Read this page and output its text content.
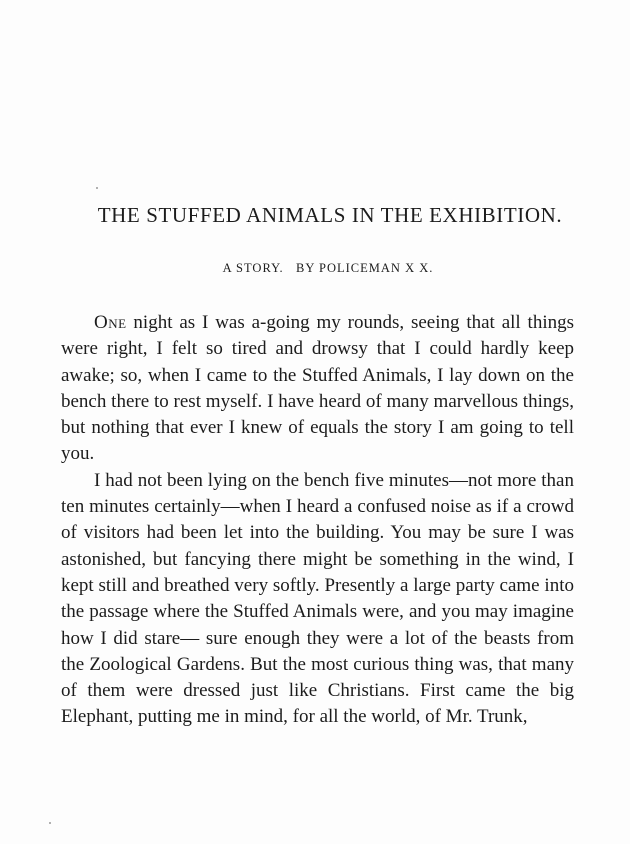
THE STUFFED ANIMALS IN THE EXHIBITION.
A STORY.   BY POLICEMAN X X.

One night as I was a-going my rounds, seeing that all things were right, I felt so tired and drowsy that I could hardly keep awake; so, when I came to the Stuffed Animals, I lay down on the bench there to rest myself. I have heard of many marvellous things, but nothing that ever I knew of equals the story I am going to tell you.

I had not been lying on the bench five minutes—not more than ten minutes certainly—when I heard a confused noise as if a crowd of visitors had been let into the building. You may be sure I was astonished, but fancying there might be something in the wind, I kept still and breathed very softly. Presently a large party came into the passage where the Stuffed Animals were, and you may imagine how I did stare— sure enough they were a lot of the beasts from the Zoological Gardens. But the most curious thing was, that many of them were dressed just like Christians. First came the big Elephant, putting me in mind, for all the world, of Mr. Trunk,
